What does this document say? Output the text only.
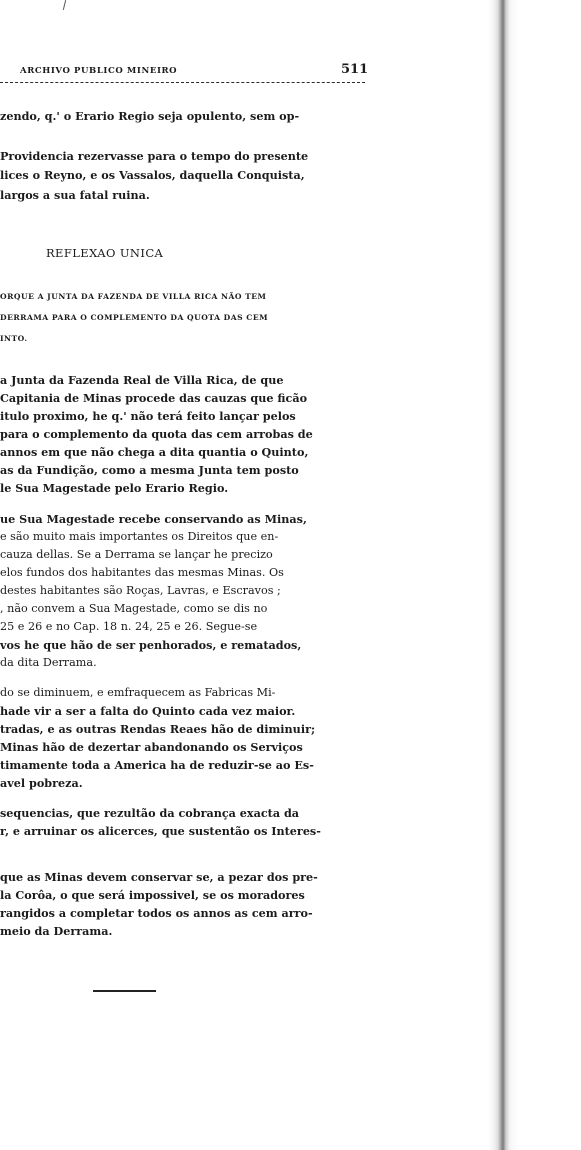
ARCHIVO PUBLICO MINEIRO	511
zendo, q.' o Erario Regio seja opulento, sem op-
Providencia rezervasse para o tempo do presente
lices o Reyno, e os Vassalos, daquella Conquista,
largos a sua fatal ruina.
REFLEXAO UNICA
ORQUE A JUNTA DA FAZENDA DE VILLA RICA NÃO TEM
DERRAMA PARA O COMPLEMENTO DA QUOTA DAS CEM
INTO.
a Junta da Fazenda Real de Villa Rica, de que
Capitania de Minas procede das cauzas que ficão
itulo proximo, he q.' não terá feito lançar pelos
para o complemento da quota das cem arrobas de
annos em que não chega a dita quantia o Quinto,
as da Fundição, como a mesma Junta tem posto
le Sua Magestade pelo Erario Regio.
ue Sua Magestade recebe conservando as Minas,
e são muito mais importantes os Direitos que en-
cauza dellas. Se a Derrama se lançar he precizo
elos fundos dos habitantes das mesmas Minas. Os
destes habitantes são Roças, Lavras, e Escravos ;
, não convem a Sua Magestade, como se dis no
25 e 26 e no Cap. 18 n. 24, 25 e 26. Segue-se
vos he que hão de ser penhorados, e rematados,
da dita Derrama.
do se diminuem, e emfraquecem as Fabricas Mi-
hade vir a ser a falta do Quinto cada vez maior.
tradas, e as outras Rendas Reaes hão de diminuir;
Minas hão de dezertar abandonando os Serviços
timamente toda a America ha de reduzir-se ao Es-
avel pobreza.
sequencias, que rezultão da cobrança exacta da
r, e arruinar os alicerces, que sustentão os Interes-
que as Minas devem conservar se, a pezar dos pre-
la Corôa, o que será impossivel, se os moradores
rangidos a completar todos os annos as cem arro-
meio da Derrama.
